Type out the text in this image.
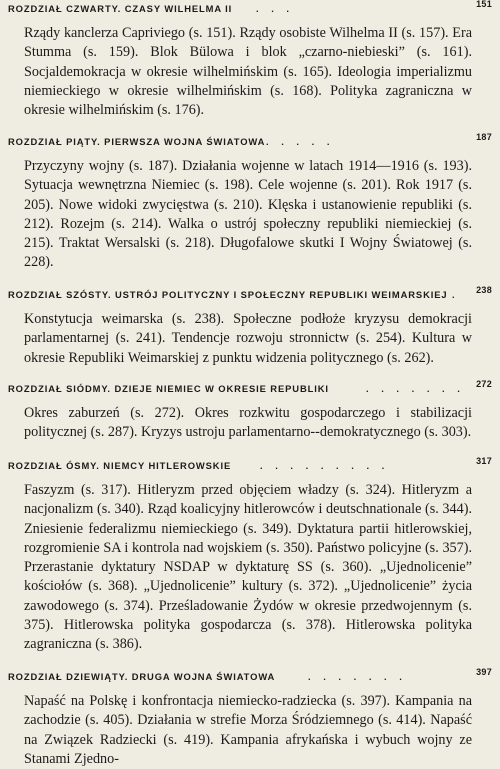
ROZDZIAŁ CZWARTY. CZASY WILHELMA II	. . .	151
Rządy kanclerza Capriviego (s. 151). Rządy osobiste Wilhelma II (s. 157). Era Stumma (s. 159). Blok Bülowa i blok „czarno-niebieski” (s. 161). Socjaldemokracja w okresie wilhelmińskim (s. 165). Ideologia imperializmu niemieckiego w okresie wilhelmińskim (s. 168). Polityka zagraniczna w okresie wilhelmińskim (s. 176).
ROZDZIAŁ PIĄTY. PIERWSZA WOJNA ŚWIATOWA . . . . .	187
Przyczyny wojny (s. 187). Działania wojenne w latach 1914—1916 (s. 193). Sytuacja wewnętrzna Niemiec (s. 198). Cele wojenne (s. 201). Rok 1917 (s. 205). Nowe widoki zwycięstwa (s. 210). Klęska i ustanowienie republiki (s. 212). Rozejm (s. 214). Walka o ustrój społeczny republiki niemieckiej (s. 215). Traktat Wersalski (s. 218). Długofalowe skutki I Wojny Światowej (s. 228).
ROZDZIAŁ SZÓSTY. USTRÓJ POLITYCZNY I SPOŁECZNY REPUBLIKI WEIMARSKIEJ . 238
Konstytucja weimarska (s. 238). Społeczne podłoże kryzysu demokracji parlamentarnej (s. 241). Tendencje rozwoju stronnictw (s. 254). Kultura w okresie Republiki Weimarskiej z punktu widzenia politycznego (s. 262).
ROZDZIAŁ SIÓDMY. DZIEJE NIEMIEC W OKRESIE REPUBLIKI	. . . . . . . 272
Okres zaburzeń (s. 272). Okres rozkwitu gospodarczego i stabilizacji politycznej (s. 287). Kryzys ustroju parlamentarno--demokratycznego (s. 303).
ROZDZIAŁ ÓSMY. NIEMCY HITLEROWSKIE	. . . . . . . . .	317
Faszyzm (s. 317). Hitleryzm przed objęciem władzy (s. 324). Hitleryzm a nacjonalizm (s. 340). Rząd koalicyjny hitlerowców i deutschnationale (s. 344). Zniesienie federalizmu niemieckiego (s. 349). Dyktatura partii hitlerowskiej, rozgromienie SA i kontrola nad wojskiem (s. 350). Państwo policyjne (s. 357). Przerastanie dyktatury NSDAP w dyktaturę SS (s. 360). „Ujednolicenie” kościołów (s. 368). „Ujednolicenie” kultury (s. 372). „Ujednolicenie” życia zawodowego (s. 374). Prześladowanie Żydów w okresie przedwojennym (s. 375). Hitlerowska polityka gospodarcza (s. 378). Hitlerowska polityka zagraniczna (s. 386).
ROZDZIAŁ DZIEWIĄTY. DRUGA WOJNA ŚWIATOWA	. . . . . . .	397
Napaść na Polskę i konfrontacja niemiecko-radziecka (s. 397). Kampania na zachodzie (s. 405). Działania w strefie Morza Śródziemnego (s. 414). Napaść na Związek Radziecki (s. 419). Kampania afrykańska i wybuch wojny ze Stanami Zjedno-
